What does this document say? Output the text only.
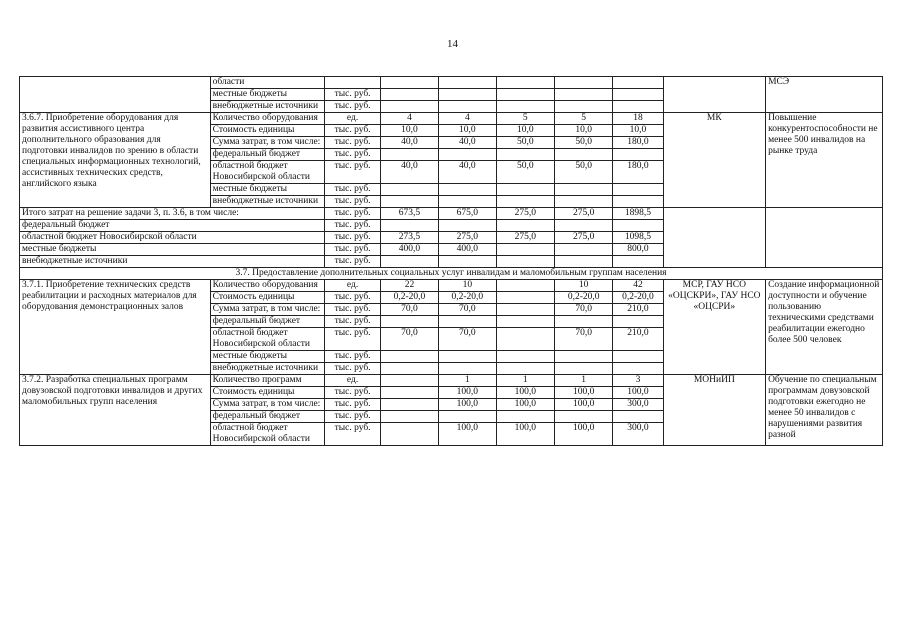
14
	области								МСЭ
	местные бюджеты	тыс. руб.							
	внебюджетные источники	тыс. руб.							
3.6.7. Приобретение оборудования для развития ассистивного центра дополнительного образования для подготовки инвалидов по зрению в области специальных информационных технологий, ассистивных технических средств, английского языка	Количество оборудования	ед.	4	4	5	5	18	МК	Повышение конкурентоспособности не менее 500 инвалидов на рынке труда
	Стоимость единицы	тыс. руб.	10,0	10,0	10,0	10,0	10,0		
	Сумма затрат, в том числе:	тыс. руб.	40,0	40,0	50,0	50,0	180,0		
	федеральный бюджет	тыс. руб.							
	областной бюджет Новосибирской области	тыс. руб.	40,0	40,0	50,0	50,0	180,0		
	местные бюджеты	тыс. руб.							
	внебюджетные источники	тыс. руб.							
Итого затрат на решение задачи 3, п. 3.6, в том числе:		тыс. руб.	673,5	675,0	275,0	275,0	1898,5		
федеральный бюджет		тыс. руб.							
областной бюджет Новосибирской области		тыс. руб.	273,5	275,0	275,0	275,0	1098,5		
местные бюджеты		тыс. руб.	400,0	400,0			800,0		
внебюджетные источники		тыс. руб.							
3.7. Предоставление дополнительных социальных услуг инвалидам и маломобильным группам населения									
3.7.1. Приобретение технических средств реабилитации и расходных материалов для оборудования демонстрационных залов	Количество оборудования	ед.	22	10		10	42	МСР, ГАУ НСО «ОЦСКРИ», ГАУ НСО «ОЦСРИ»	Создание информационной доступности и обучение пользованию техническими средствами реабилитации ежегодно более 500 человек
	Стоимость единицы	тыс. руб.	0,2-20,0	0,2-20,0		0,2-20,0	0,2-20,0		
	Сумма затрат, в том числе:	тыс. руб.	70,0	70,0		70,0	210,0		
	федеральный бюджет	тыс. руб.							
	областной бюджет Новосибирской области	тыс. руб.	70,0	70,0		70,0	210,0		
	местные бюджеты	тыс. руб.							
	внебюджетные источники	тыс. руб.							
3.7.2. Разработка специальных программ довузовской подготовки инвалидов и других маломобильных групп населения	Количество программ	ед.		1	1	1	3	МОНиИП	Обучение по специальным программам довузовской подготовки ежегодно не менее 50 инвалидов с нарушениями развития разной
	Стоимость единицы	тыс. руб.		100,0	100,0	100,0	100,0		
	Сумма затрат, в том числе:	тыс. руб.		100,0	100,0	100,0	300,0		
	федеральный бюджет	тыс. руб.							
	областной бюджет Новосибирской области	тыс. руб.		100,0	100,0	100,0	300,0		
